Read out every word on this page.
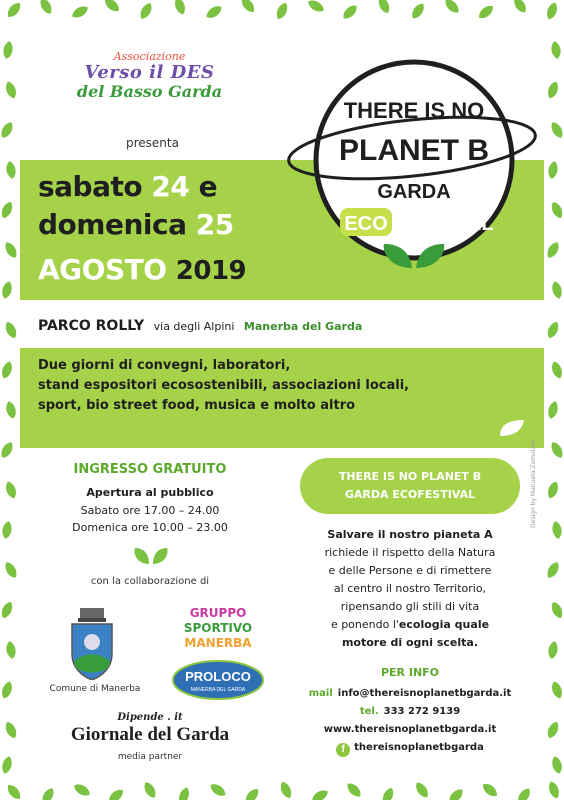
Associazione
Verso il DES
del Basso Garda
presenta
sabato 24 e
domenica 25
AGOSTO 2019
THERE IS NO
PLANET B
GARDA
ECO FESTIVAL
PARCO ROLLY via degli Alpini Manerba del Garda
Due giorni di convegni, laboratori,
stand espositori ecosostenibili, associazioni locali,
sport, bio street food, musica e molto altro
INGRESSO GRATUITO
Apertura al pubblico
Sabato ore 17.00 – 24.00
Domenica ore 10.00 – 23.00
con la collaborazione di
Comune di Manerba
GRUPPO
SPORTIVO
MANERBA
PROLOCO
MANERBA DEL GARDA
Dipende . it
Giornale del Garda
media partner
THERE IS NO PLANET B
GARDA ECOFESTIVAL
Salvare il nostro pianeta A
richiede il rispetto della Natura
e delle Persone e di rimettere
al centro il nostro Territorio,
ripensando gli stili di vita
e ponendo l'ecologia quale
motore di ogni scelta.
PER INFO
mail info@thereisnoplanetbgarda.it
tel. 333 272 9139
www.thereisnoplanetbgarda.it
f thereisnoplanetbgarda
Design by Manuela Zamolato
